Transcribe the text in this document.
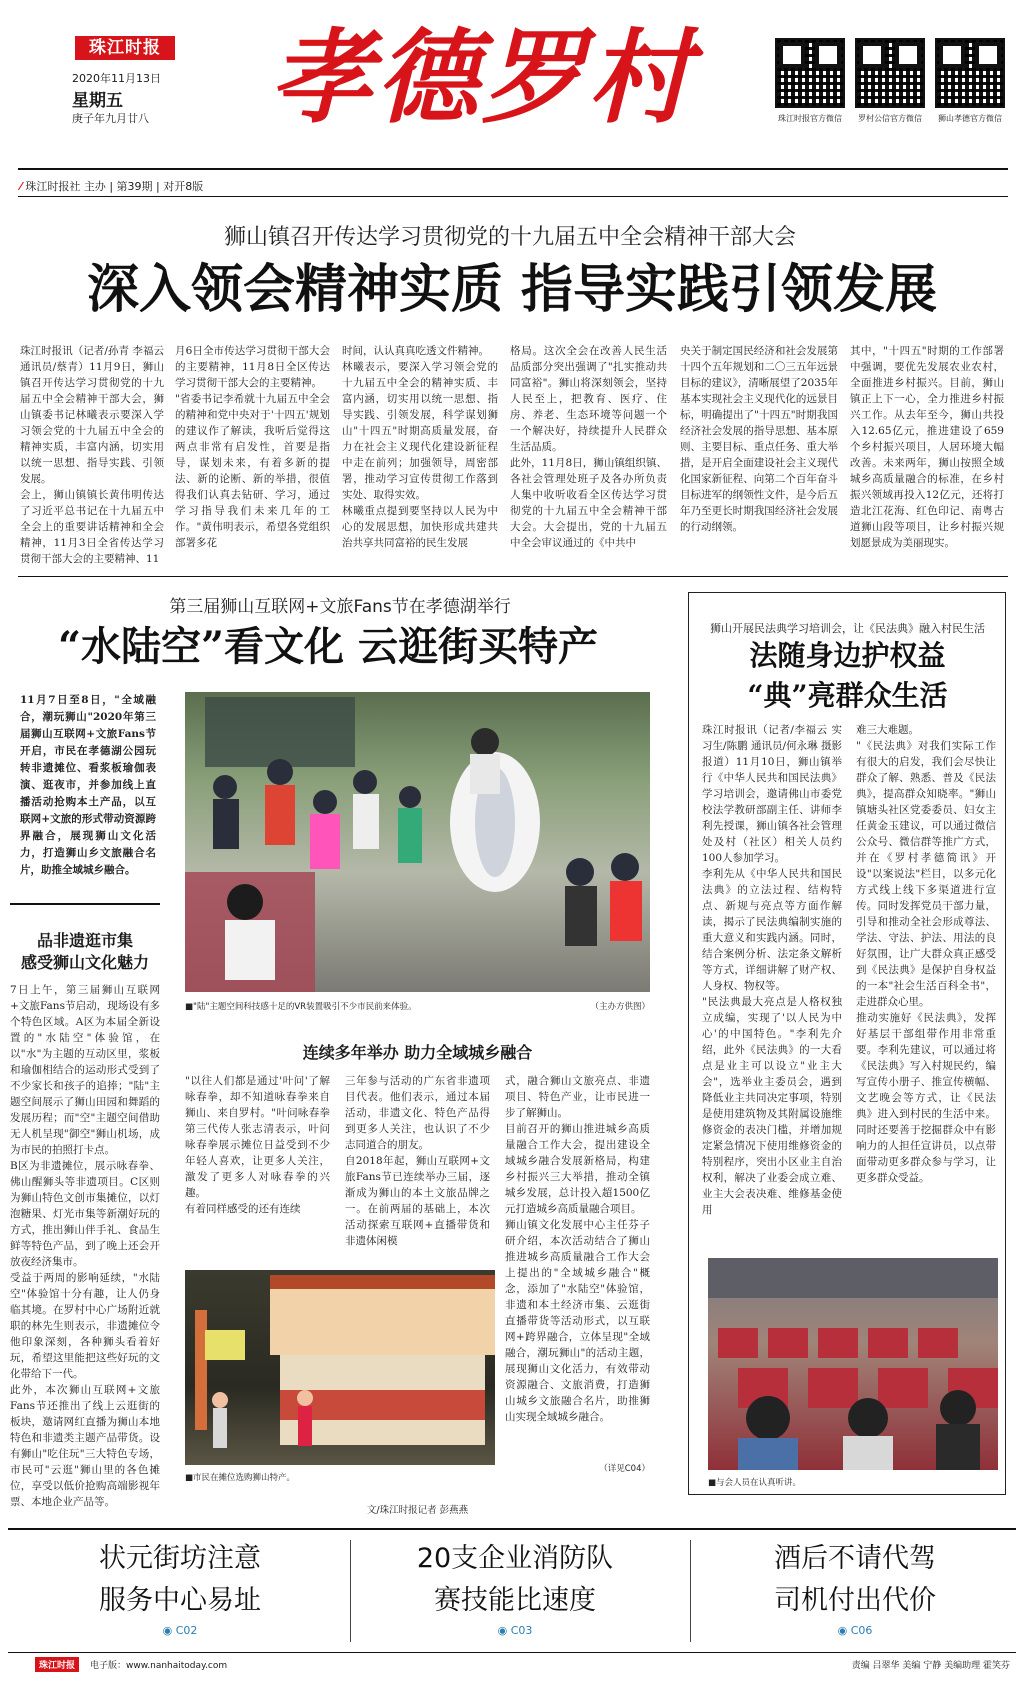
珠江时报
2020年11月13日
星期五
庚子年九月廿八 孝德罗村	珠江时报官方微信	罗村公信官方微信	狮山孝德官方微信
⁄ 珠江时报社 主办 | 第39期 | 对开8版
狮山镇召开传达学习贯彻党的十九届五中全会精神干部大会
深入领会精神实质 指导实践引领发展
珠江时报讯（记者/孙青 李福云 通讯员/蔡青）11月9日，狮山镇召开传达学习贯彻党的十九届五中全会精神干部大会，狮山镇委书记林曦表示要深入学习领会党的十九届五中全会的精神实质，丰富内涵，切实用以统一思想、指导实践、引领发展。
会上，狮山镇镇长黄伟明传达了习近平总书记在十九届五中全会上的重要讲话精神和全会精神，11月3日全省传达学习贯彻干部大会的主要精神、11
月6日全市传达学习贯彻干部大会的主要精神，11月8日全区传达学习贯彻干部大会的主要精神。
"省委书记李希就十九届五中全会的精神和党中央对于'十四五'规划的建议作了解读，我听后觉得这两点非常有启发性，首要是指导，谋划未来，有着多新的提法、新的论断、新的举措，很值得我们认真去钻研、学习，通过学习指导我们未来几年的工作。"黄伟明表示，希望各党组织部署多花
时间，认认真真吃透文件精神。
林曦表示，要深入学习领会党的十九届五中全会的精神实质、丰富内涵，切实用以统一思想、指导实践、引领发展，科学谋划狮山"十四五"时期高质量发展，奋力在社会主义现代化建设新征程中走在前列；加强领导，周密部署，推动学习宣传贯彻工作落到实处、取得实效。
林曦重点提到要坚持以人民为中心的发展思想，加快形成共建共治共享共同富裕的民生发展
格局。这次全会在改善人民生活品质部分突出强调了"扎实推动共同富裕"。狮山将深刻领会，坚持人民至上，把教育、医疗、住房、养老、生态环境等问题一个一个解决好，持续提升人民群众生活品质。
此外，11月8日，狮山镇组织镇、各社会管理处班子及各办所负责人集中收听收看全区传达学习贯彻党的十九届五中全会精神干部大会。大会提出，党的十九届五中全会审议通过的《中共中
央关于制定国民经济和社会发展第十四个五年规划和二〇三五年远景目标的建议》，清晰展望了2035年基本实现社会主义现代化的远景目标，明确提出了"十四五"时期我国经济社会发展的指导思想、基本原则、主要目标、重点任务、重大举措，是开启全面建设社会主义现代化国家新征程、向第二个百年奋斗目标进军的纲领性文件，是今后五年乃至更长时期我国经济社会发展的行动纲领。
其中，"十四五"时期的工作部署中强调，要优先发展农业农村，全面推进乡村振兴。目前，狮山镇正上下一心，全力推进乡村振兴工作。从去年至今，狮山共投入12.65亿元，推进建设了659个乡村振兴项目，人居环境大幅改善。未来两年，狮山按照全域城乡高质量融合的标准，在乡村振兴领域再投入12亿元，还将打造北江花海、红色印记、南粤古道狮山段等项目，让乡村振兴规划愿景成为美丽现实。
第三届狮山互联网+文旅Fans节在孝德湖举行
“水陆空”看文化 云逛街买特产
11月7日至8日，"全域融合，潮玩狮山"2020年第三届狮山互联网+文旅Fans节开启，市民在孝德湖公园玩转非遗摊位、看浆板瑜伽表演、逛夜市，并参加线上直播活动抢购本土产品，以互联网+文旅的形式带动资源跨界融合，展现狮山文化活力，打造狮山乡文旅融合名片，助推全域城乡融合。
■"陆"主题空间科技感十足的VR装置吸引不少市民前来体验。	（主办方供图）
品非遗逛市集
感受狮山文化魅力
7日上午，第三届狮山互联网+文旅Fans节启动，现场设有多个特色区域。A区为本届全新设置的"水陆空"体验馆，在以"水"为主题的互动区里，浆板和瑜伽相结合的运动形式受到了不少家长和孩子的追捧；"陆"主题空间展示了狮山田园和舞蹈的发展历程；而"空"主题空间借助无人机呈现"御空"狮山机场，成为市民的拍照打卡点。
B区为非遗摊位，展示咏春拳、佛山醒狮头等非遗项目。C区则为狮山特色文创市集摊位，以灯泡糖果、灯光市集等新潮好玩的方式，推出狮山伴手礼、食品生鲜等特色产品，到了晚上还会开放夜经济集市。
受益于两周的影响延续，"水陆空"体验馆十分有趣，让人仍身临其境。在罗村中心广场附近就职的林先生则表示，非遗摊位令他印象深刻，各种狮头看着好玩，希望这里能把这些好玩的文化带给下一代。
此外，本次狮山互联网+文旅Fans节还推出了线上云逛街的板块，邀请网红直播为狮山本地特色和非遗类主题产品带货。设有狮山"吃住玩"三大特色专场，市民可"云逛"狮山里的各色摊位，享受以低价抢购高端影视年票、本地企业产品等。
连续多年举办 助力全域城乡融合
"以往人们都是通过'叶问'了解咏春拳，却不知道咏春拳来自狮山、来自罗村。"叶问咏春拳第三代传人张志清表示，叶问咏春拳展示摊位日益受到不少年轻人喜欢，让更多人关注，激发了更多人对咏春拳的兴趣。
有着同样感受的还有连续
三年参与活动的广东省非遗项目代表。他们表示，通过本届活动，非遗文化、特色产品得到更多人关注，也认识了不少志同道合的朋友。
自2018年起，狮山互联网+文旅Fans节已连续举办三届，逐渐成为狮山的本土文旅品牌之一。在前两届的基础上，本次活动探索互联网+直播带货和非遗体闲模
式，融合狮山文旅亮点、非遗项目、特色产业，让市民进一步了解狮山。
目前召开的狮山推进城乡高质量融合工作大会，提出建设全域城乡融合发展新格局，构建乡村振兴三大举措，推动全镇城乡发展，总计投入超1500亿元打造城乡高质量融合项目。
狮山镇文化发展中心主任芬子研介绍，本次活动结合了狮山推进城乡高质量融合工作大会上提出的"全域城乡融合"概念，添加了"水陆空"体验馆，非遗和本土经济市集、云逛街直播带货等活动形式，以互联网+跨界融合，立体呈现"全域融合，潮玩狮山"的活动主题，展现狮山文化活力，有效带动资源融合、文旅消费，打造狮山城乡文旅融合名片，助推狮山实现全域城乡融合。
（详见C04）
■市民在摊位选购狮山特产。
文/珠江时报记者 彭燕燕
狮山开展民法典学习培训会，让《民法典》融入村民生活
法随身边护权益
“典”亮群众生活
珠江时报讯（记者/李福云 实习生/陈鹏 通讯员/何永琳 摄影报道）11月10日，狮山镇举行《中华人民共和国民法典》学习培训会，邀请佛山市委党校法学教研部副主任、讲师李利先授课，狮山镇各社会管理处及村（社区）相关人员约100人参加学习。
李利先从《中华人民共和国民法典》的立法过程、结构特点、新规与亮点等方面作解读，揭示了民法典编制实施的重大意义和实践内涵。同时，结合案例分析、法定条文解析等方式，详细讲解了财产权、人身权、物权等。
"民法典最大亮点是人格权独立成编，实现了'以人民为中心'的中国特色。"李利先介绍，此外《民法典》的一大看点是业主可以设立"业主大会"，选举业主委员会，遇到降低业主共同决定事项，特别是使用建筑物及其附属设施维修资金的表决门槛，并增加规定紧急情况下使用维修资金的特别程序，突出小区业主自治权利，解决了业委会成立难、业主大会表决难、维修基金使用
难三大难题。
"《民法典》对我们实际工作有很大的启发，我们会尽快让群众了解、熟悉、普及《民法典》，提高群众知晓率。"狮山镇塘头社区党委委员、妇女主任黄金玉建议，可以通过微信公众号、微信群等推广方式，并在《罗村孝德简讯》开设"以案说法"栏目，以多元化方式线上线下多渠道进行宣传。同时发挥党员干部力量，引导和推动全社会形成尊法、学法、守法、护法、用法的良好氛围，让广大群众真正感受到《民法典》是保护自身权益的一本"社会生活百科全书"，走进群众心里。
推动实施好《民法典》，发挥好基层干部组带作用非常重要。李利先建议，可以通过将《民法典》写入村规民约，编写宣传小册子、推宣传横幅、文艺晚会等方式，让《民法典》进入到村民的生活中来。同时还要善于挖掘群众中有影响力的人担任宣讲员，以点带面带动更多群众参与学习，让更多群众受益。
■与会人员在认真听讲。
状元街坊注意
服务中心易址
◉ C02
20支企业消防队
赛技能比速度
◉ C03
酒后不请代驾
司机付出代价
◉ C06
珠江时报	电子版：www.nanhaitoday.com	责编 吕翠华 美编 宁静 美编助理 霍笑芬
